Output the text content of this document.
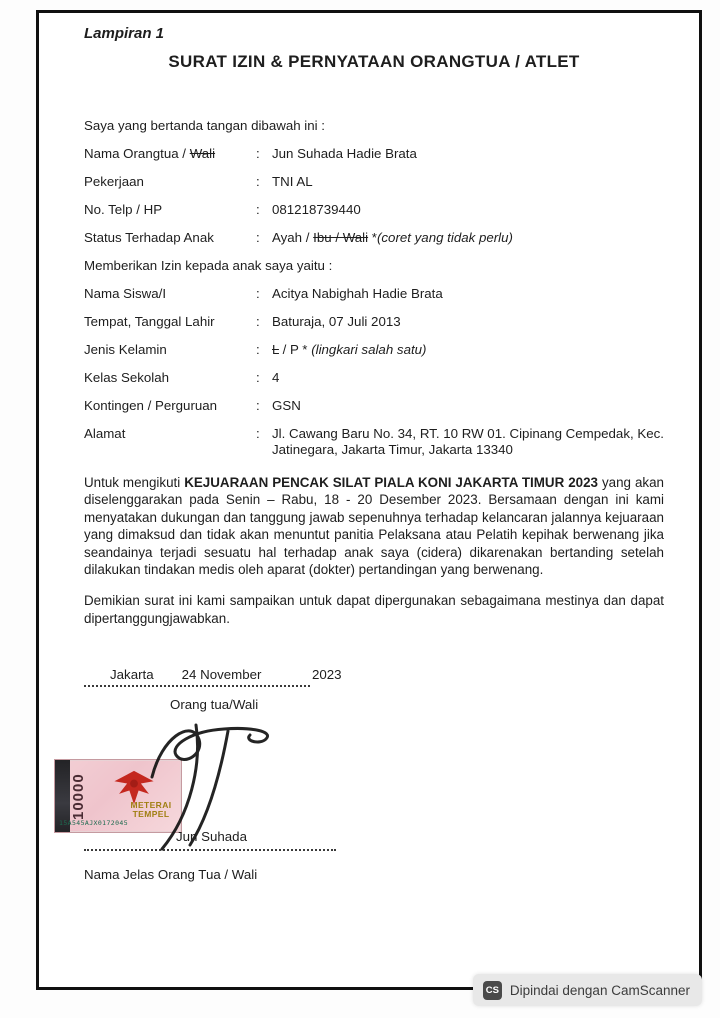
Lampiran 1
SURAT IZIN & PERNYATAAN ORANGTUA / ATLET
Saya yang bertanda tangan dibawah ini :
Nama Orangtua / Wali	: Jun Suhada Hadie Brata
Pekerjaan	: TNI AL
No. Telp / HP	: 081218739440
Status Terhadap Anak	: Ayah / Ibu / Wali *(coret yang tidak perlu)
Memberikan Izin kepada anak saya yaitu :
Nama Siswa/I	: Acitya Nabighah Hadie Brata
Tempat, Tanggal Lahir	: Baturaja, 07 Juli 2013
Jenis Kelamin	: L / P * (lingkari salah satu)
Kelas Sekolah	: 4
Kontingen / Perguruan	: GSN
Alamat	: Jl. Cawang Baru No. 34, RT. 10 RW 01. Cipinang Cempedak, Kec. Jatinegara, Jakarta Timur, Jakarta 13340

Untuk mengikuti KEJUARAAN PENCAK SILAT PIALA KONI JAKARTA TIMUR 2023 yang akan diselenggarakan pada Senin – Rabu, 18 - 20 Desember 2023. Bersamaan dengan ini kami menyatakan dukungan dan tanggung jawab sepenuhnya terhadap kelancaran jalannya kejuaraan yang dimaksud dan tidak akan menuntut panitia Pelaksana atau Pelatih kepihak berwenang jika seandainya terjadi sesuatu hal terhadap anak saya (cidera) dikarenakan bertanding setelah dilakukan tindakan medis oleh aparat (dokter) pertandingan yang berwenang.

Demikian surat ini kami sampaikan untuk dapat dipergunakan sebagaimana mestinya dan dapat dipertanggungjawabkan.

Jakarta 24 November	2023
Orang tua/Wali
10000	METERAI
TEMPEL
15A545AJX0172045
Jun Suhada
Nama Jelas Orang Tua / Wali
CS Dipindai dengan CamScanner
